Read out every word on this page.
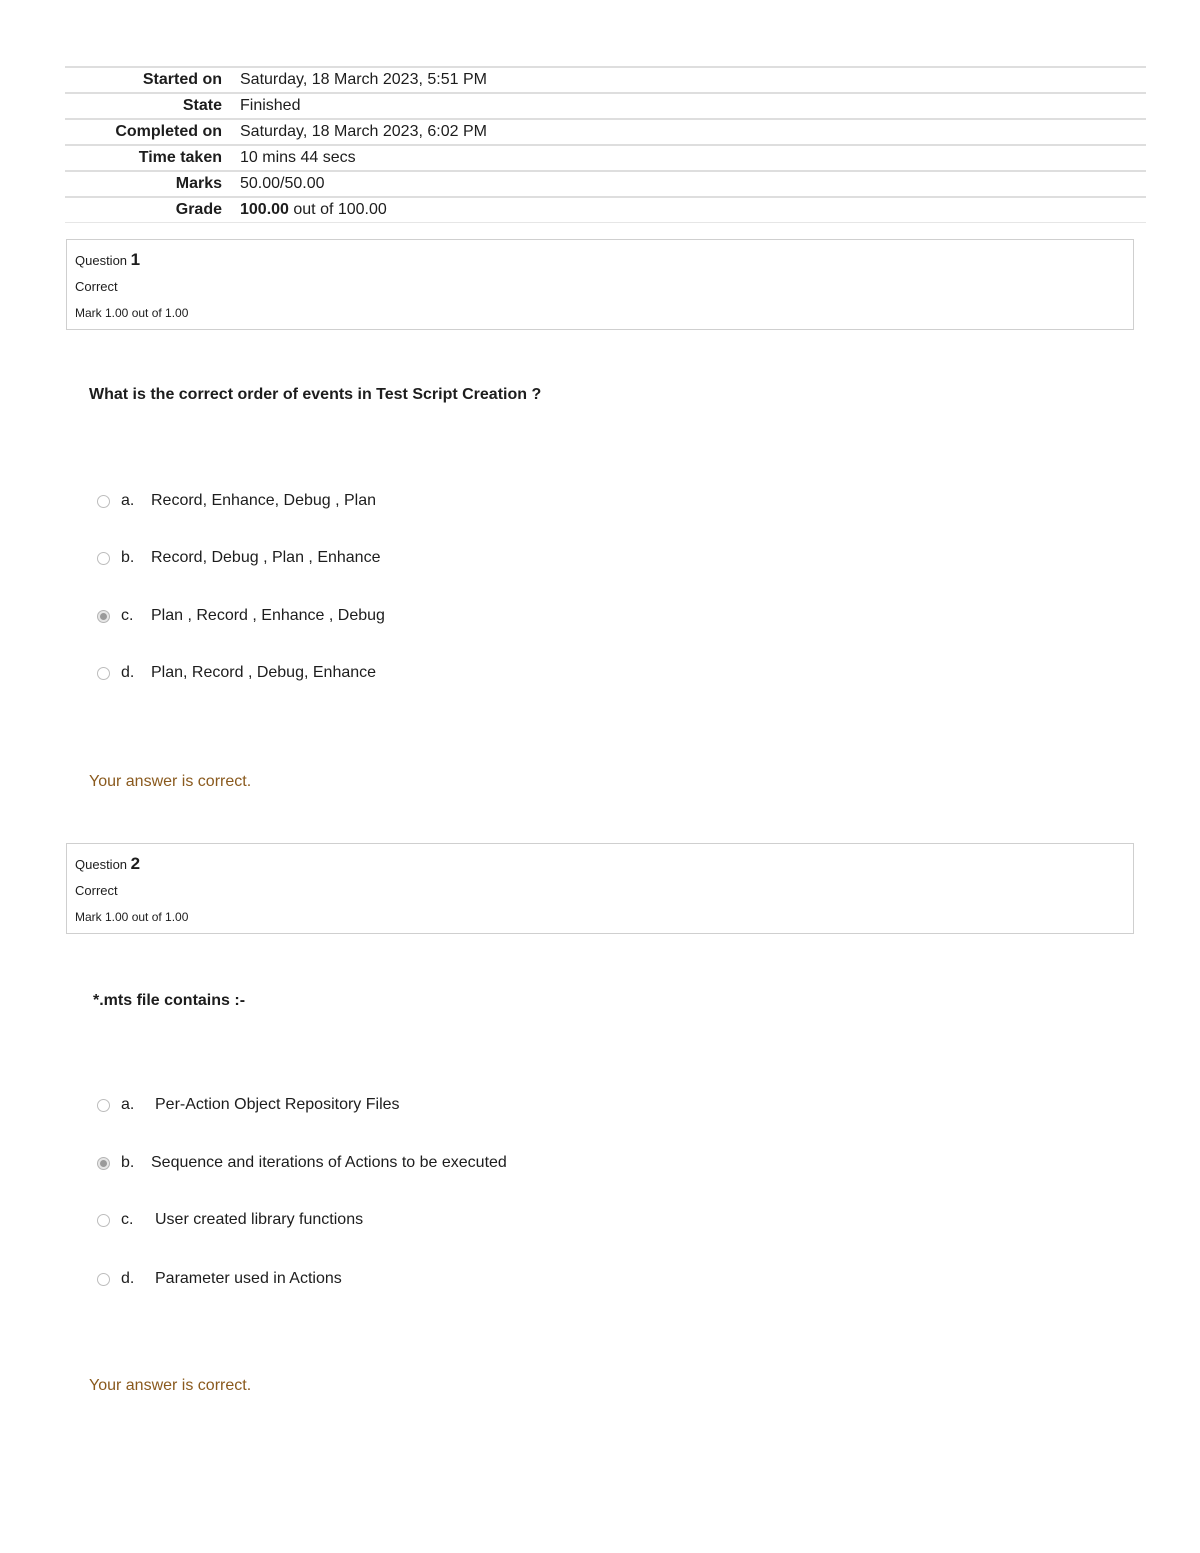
Started on	Saturday, 18 March 2023, 5:51 PM
State	Finished
Completed on	Saturday, 18 March 2023, 6:02 PM
Time taken	10 mins 44 secs
Marks	50.00/50.00
Grade	100.00 out of 100.00
Question 1
Correct
Mark 1.00 out of 1.00
What is the correct order of events in Test Script Creation ?
a.	Record, Enhance, Debug , Plan
b.	Record, Debug , Plan , Enhance
c.	Plan , Record , Enhance , Debug
d.	Plan, Record , Debug, Enhance
Your answer is correct.
Question 2
Correct
Mark 1.00 out of 1.00
*.mts file contains :-
a.	Per-Action Object Repository Files
b.	Sequence and iterations of Actions to be executed
c.	User created library functions
d.	Parameter used in Actions
Your answer is correct.
